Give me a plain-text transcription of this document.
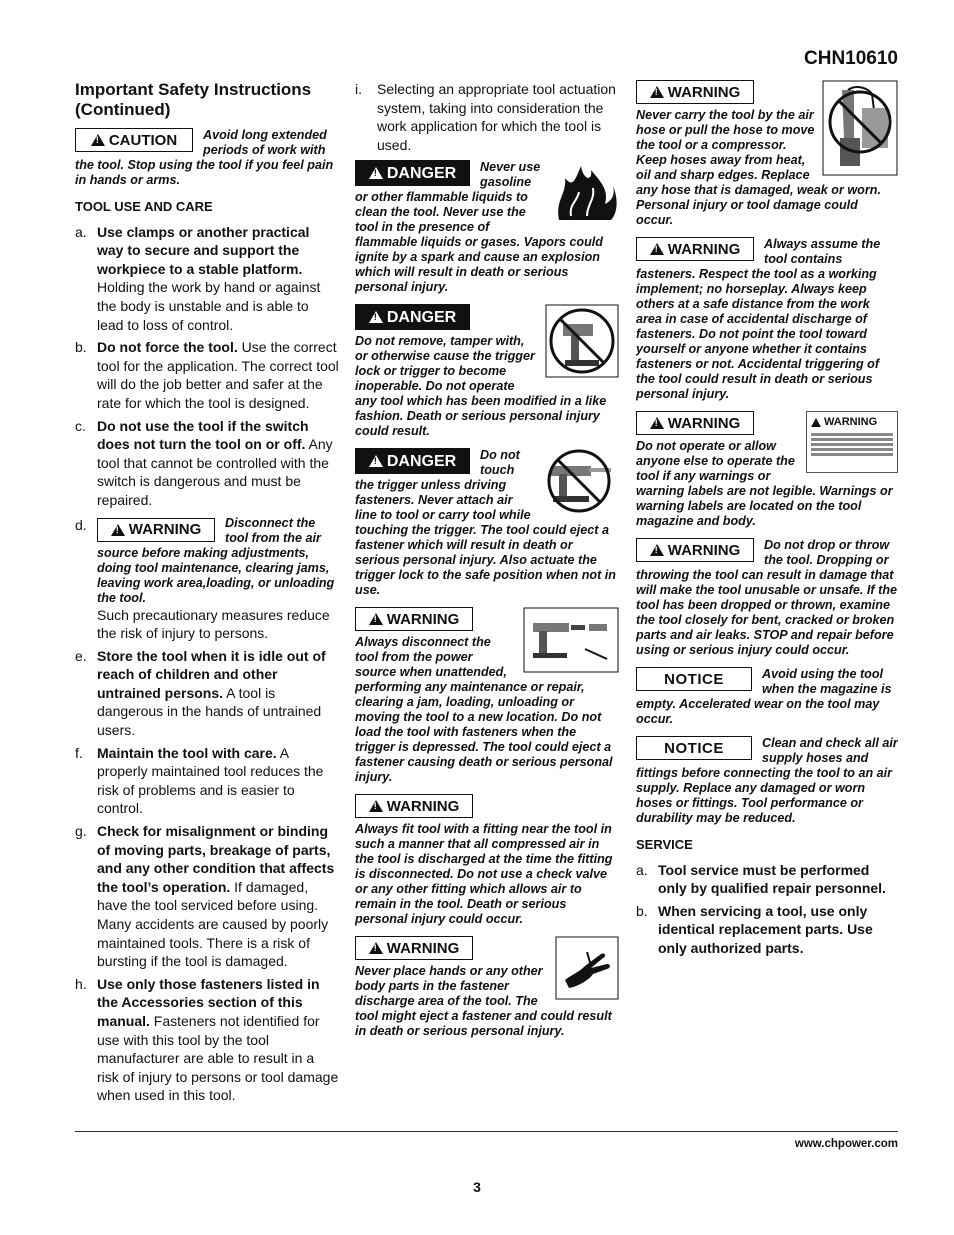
CHN10610
Important Safety Instructions (Continued)
!
CAUTION Avoid long extended periods of work with the tool. Stop using the tool if you feel pain in hands or arms.
TOOL USE AND CARE
a. Use clamps or another practical way to secure and support the workpiece to a stable platform. Holding the work by hand or against the body is unstable and is able to lead to loss of control.
b. Do not force the tool. Use the correct tool for the application. The correct tool will do the job better and safer at the rate for which the tool is designed.
c. Do not use the tool if the switch does not turn the tool on or off. Any tool that cannot be controlled with the switch is dangerous and must be repaired.
d.
!	WARNING Disconnect the tool from the air source before making adjustments, doing tool maintenance, clearing jams, leaving work area,loading, or unloading the tool.
Such precautionary measures reduce the risk of injury to persons.
e. Store the tool when it is idle out of reach of children and other untrained persons. A tool is dangerous in the hands of untrained users.
f. Maintain the tool with care. A properly maintained tool reduces the risk of problems and is easier to control.
g. Check for misalignment or binding of moving parts, breakage of parts, and any other condition that affects the tool’s operation. If damaged, have the tool serviced before using. Many accidents are caused by poorly maintained tools. There is a risk of bursting if the tool is damaged.
h. Use only those fasteners listed in the Accessories section of this manual. Fasteners not identified for use with this tool by the tool manufacturer are able to result in a risk of injury to persons or tool damage when used in this tool.
i. Selecting an appropriate tool actuation system, taking into consideration the work application for which the tool is used.
!
DANGER Never use gasoline or other flammable liquids to clean the tool. Never use the tool in the presence of flammable liquids or gases. Vapors could ignite by a spark and cause an explosion which will result in death or serious personal injury.
!
DANGER
Do not remove, tamper with, or otherwise cause the trigger lock or trigger to become inoperable. Do not operate any tool which has been modified in a like fashion. Death or serious personal injury could result.
!
DANGER Do not touch the trigger unless driving fasteners. Never attach air line to tool or carry tool while touching the trigger. The tool could eject a fastener which will result in death or serious personal injury. Also actuate the trigger lock to the safe position when not in use.
!
WARNING
Always disconnect the tool from the power source when unattended, performing any maintenance or repair, clearing a jam, loading, unloading or moving the tool to a new location. Do not load the tool with fasteners when the trigger is depressed. The tool could eject a fastener causing death or serious personal injury.
!
WARNING
Always fit tool with a fitting near the tool in such a manner that all compressed air in the tool is discharged at the time the fitting is disconnected. Do not use a check valve or any other fitting which allows air to remain in the tool. Death or serious personal injury could occur.
!
WARNING
Never place hands or any other body parts in the fastener discharge area of the tool. The tool might eject a fastener and could result in death or serious personal injury.
!
WARNING
Never carry the tool by the air hose or pull the hose to move the tool or a compressor. Keep hoses away from heat, oil and sharp edges. Replace any hose that is damaged, weak or worn. Personal injury or tool damage could occur.
!
WARNING Always assume the tool contains fasteners. Respect the tool as a working implement; no horseplay. Always keep others at a safe distance from the work area in case of accidental discharge of fasteners. Do not point the tool toward yourself or anyone whether it contains fasteners or not. Accidental triggering of the tool could result in death or serious personal injury.
WARNING
!
WARNING
Do not operate or allow anyone else to operate the tool if any warnings or warning labels are not legible. Warnings or warning labels are located on the tool magazine and body.
!
WARNING Do not drop or throw the tool. Dropping or throwing the tool can result in damage that will make the tool unusable or unsafe. If the tool has been dropped or thrown, examine the tool closely for bent, cracked or broken parts and air leaks. STOP and repair before using or serious injury could occur.
NOTICE	Avoid using the tool when the magazine is empty. Accelerated wear on the tool may occur.
NOTICE	Clean and check all air supply hoses and fittings before connecting the tool to an air supply. Replace any damaged or worn hoses or fittings. Tool performance or durability may be reduced.
SERVICE
a. Tool service must be performed only by qualified repair personnel.
b. When servicing a tool, use only identical replacement parts. Use only authorized parts.
www.chpower.com
3
